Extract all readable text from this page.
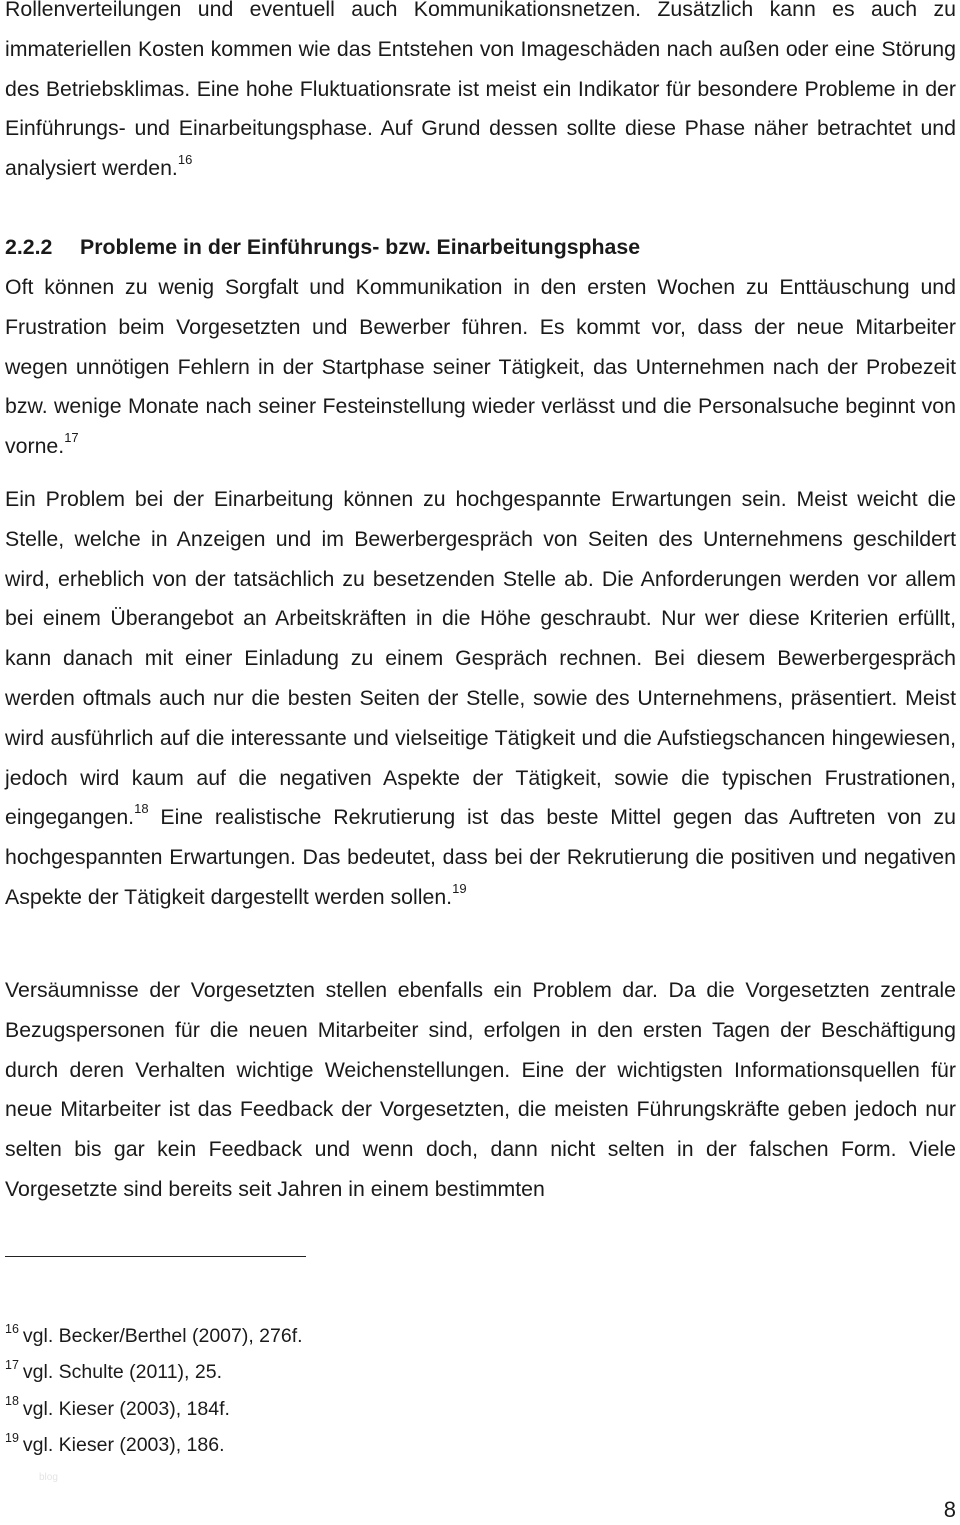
Rollenverteilungen und eventuell auch Kommunikationsnetzen. Zusätzlich kann es auch zu immateriellen Kosten kommen wie das Entstehen von Imageschäden nach außen oder eine Störung des Betriebsklimas. Eine hohe Fluktuationsrate ist meist ein Indikator für besondere Probleme in der Einführungs- und Einarbeitungsphase. Auf Grund dessen sollte diese Phase näher betrachtet und analysiert werden.$^{16}$

2.2.2 Probleme in der Einführungs- bzw. Einarbeitungsphase

Oft können zu wenig Sorgfalt und Kommunikation in den ersten Wochen zu Enttäuschung und Frustration beim Vorgesetzten und Bewerber führen. Es kommt vor, dass der neue Mitarbeiter wegen unnötigen Fehlern in der Startphase seiner Tätigkeit, das Unternehmen nach der Probezeit bzw. wenige Monate nach seiner Festeinstellung wieder verlässt und die Personalsuche beginnt von vorne.$^{17}$

Ein Problem bei der Einarbeitung können zu hochgespannte Erwartungen sein. Meist weicht die Stelle, welche in Anzeigen und im Bewerbergespräch von Seiten des Unternehmens geschildert wird, erheblich von der tatsächlich zu besetzenden Stelle ab. Die Anforderungen werden vor allem bei einem Überangebot an Arbeitskräften in die Höhe geschraubt. Nur wer diese Kriterien erfüllt, kann danach mit einer Einladung zu einem Gespräch rechnen. Bei diesem Bewerbergespräch werden oftmals auch nur die besten Seiten der Stelle, sowie des Unternehmens, präsentiert. Meist wird ausführlich auf die interessante und vielseitige Tätigkeit und die Aufstiegschancen hingewiesen, jedoch wird kaum auf die negativen Aspekte der Tätigkeit, sowie die typischen Frustrationen, eingegangen.$^{18}$ Eine realistische Rekrutierung ist das beste Mittel gegen das Auftreten von zu hochgespannten Erwartungen. Das bedeutet, dass bei der Rekrutierung die positiven und negativen Aspekte der Tätigkeit dargestellt werden sollen.$^{19}$

Versäumnisse der Vorgesetzten stellen ebenfalls ein Problem dar. Da die Vorgesetzten zentrale Bezugspersonen für die neuen Mitarbeiter sind, erfolgen in den ersten Tagen der Beschäftigung durch deren Verhalten wichtige Weichenstellungen. Eine der wichtigsten Informationsquellen für neue Mitarbeiter ist das Feedback der Vorgesetzten, die meisten Führungskräfte geben jedoch nur selten bis gar kein Feedback und wenn doch, dann nicht selten in der falschen Form. Viele Vorgesetzte sind bereits seit Jahren in einem bestimmten

$^{16}$ vgl. Becker/Berthel (2007), 276f.
$^{17}$ vgl. Schulte (2011), 25.
$^{18}$ vgl. Kieser (2003), 184f.
$^{19}$ vgl. Kieser (2003), 186.
blog
8
